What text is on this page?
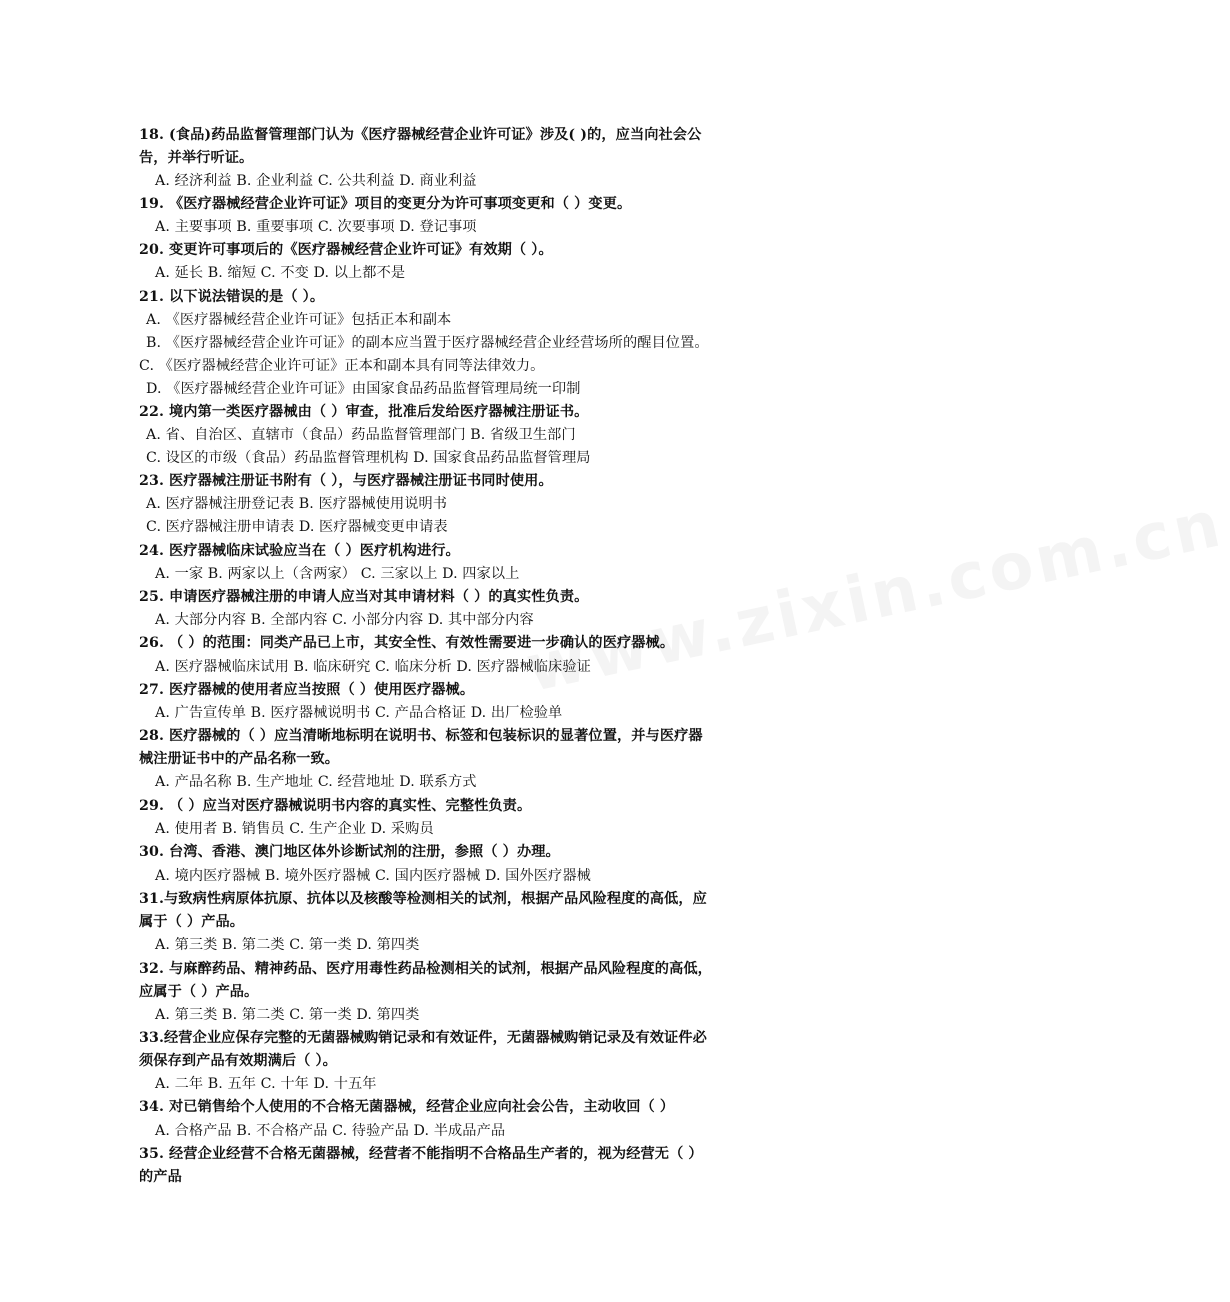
www.zixin.com.cn
18. (食品)药品监督管理部门认为《医疗器械经营企业许可证》涉及( )的，应当向社会公
告，并举行听证。
A. 经济利益 B. 企业利益 C. 公共利益 D. 商业利益
19. 《医疗器械经营企业许可证》项目的变更分为许可事项变更和（ ）变更。
A. 主要事项 B. 重要事项 C. 次要事项 D. 登记事项
20. 变更许可事项后的《医疗器械经营企业许可证》有效期（ ）。
A. 延长 B. 缩短 C. 不变 D. 以上都不是
21. 以下说法错误的是（ ）。
A. 《医疗器械经营企业许可证》包括正本和副本
B. 《医疗器械经营企业许可证》的副本应当置于医疗器械经营企业经营场所的醒目位置。
C. 《医疗器械经营企业许可证》正本和副本具有同等法律效力。
D. 《医疗器械经营企业许可证》由国家食品药品监督管理局统一印制
22. 境内第一类医疗器械由（ ）审查，批准后发给医疗器械注册证书。
A. 省、自治区、直辖市（食品）药品监督管理部门 B. 省级卫生部门
C. 设区的市级（食品）药品监督管理机构 D. 国家食品药品监督管理局
23. 医疗器械注册证书附有（ ），与医疗器械注册证书同时使用。
A. 医疗器械注册登记表 B. 医疗器械使用说明书
C. 医疗器械注册申请表 D. 医疗器械变更申请表
24. 医疗器械临床试验应当在（ ）医疗机构进行。
A. 一家 B. 两家以上（含两家） C. 三家以上 D. 四家以上
25. 申请医疗器械注册的申请人应当对其申请材料（ ）的真实性负责。
A. 大部分内容 B. 全部内容 C. 小部分内容 D. 其中部分内容
26. （ ）的范围：同类产品已上市，其安全性、有效性需要进一步确认的医疗器械。
A. 医疗器械临床试用 B. 临床研究 C. 临床分析 D. 医疗器械临床验证
27. 医疗器械的使用者应当按照（ ）使用医疗器械。
A. 广告宣传单 B. 医疗器械说明书 C. 产品合格证 D. 出厂检验单
28. 医疗器械的（ ）应当清晰地标明在说明书、标签和包装标识的显著位置，并与医疗器
械注册证书中的产品名称一致。
A. 产品名称 B. 生产地址 C. 经营地址 D. 联系方式
29. （ ）应当对医疗器械说明书内容的真实性、完整性负责。
A. 使用者 B. 销售员 C. 生产企业 D. 采购员
30. 台湾、香港、澳门地区体外诊断试剂的注册，参照（ ）办理。
A. 境内医疗器械 B. 境外医疗器械 C. 国内医疗器械 D. 国外医疗器械
31.与致病性病原体抗原、抗体以及核酸等检测相关的试剂，根据产品风险程度的高低，应
属于（ ）产品。
A. 第三类 B. 第二类 C. 第一类 D. 第四类
32. 与麻醉药品、精神药品、医疗用毒性药品检测相关的试剂，根据产品风险程度的高低，
应属于（ ）产品。
A. 第三类 B. 第二类 C. 第一类 D. 第四类
33.经营企业应保存完整的无菌器械购销记录和有效证件，无菌器械购销记录及有效证件必
须保存到产品有效期满后（ ）。
A. 二年 B. 五年 C. 十年 D. 十五年
34. 对已销售给个人使用的不合格无菌器械，经营企业应向社会公告，主动收回（ ）
A. 合格产品 B. 不合格产品 C. 待验产品 D. 半成品产品
35. 经营企业经营不合格无菌器械，经营者不能指明不合格品生产者的，视为经营无（ ）
的产品
